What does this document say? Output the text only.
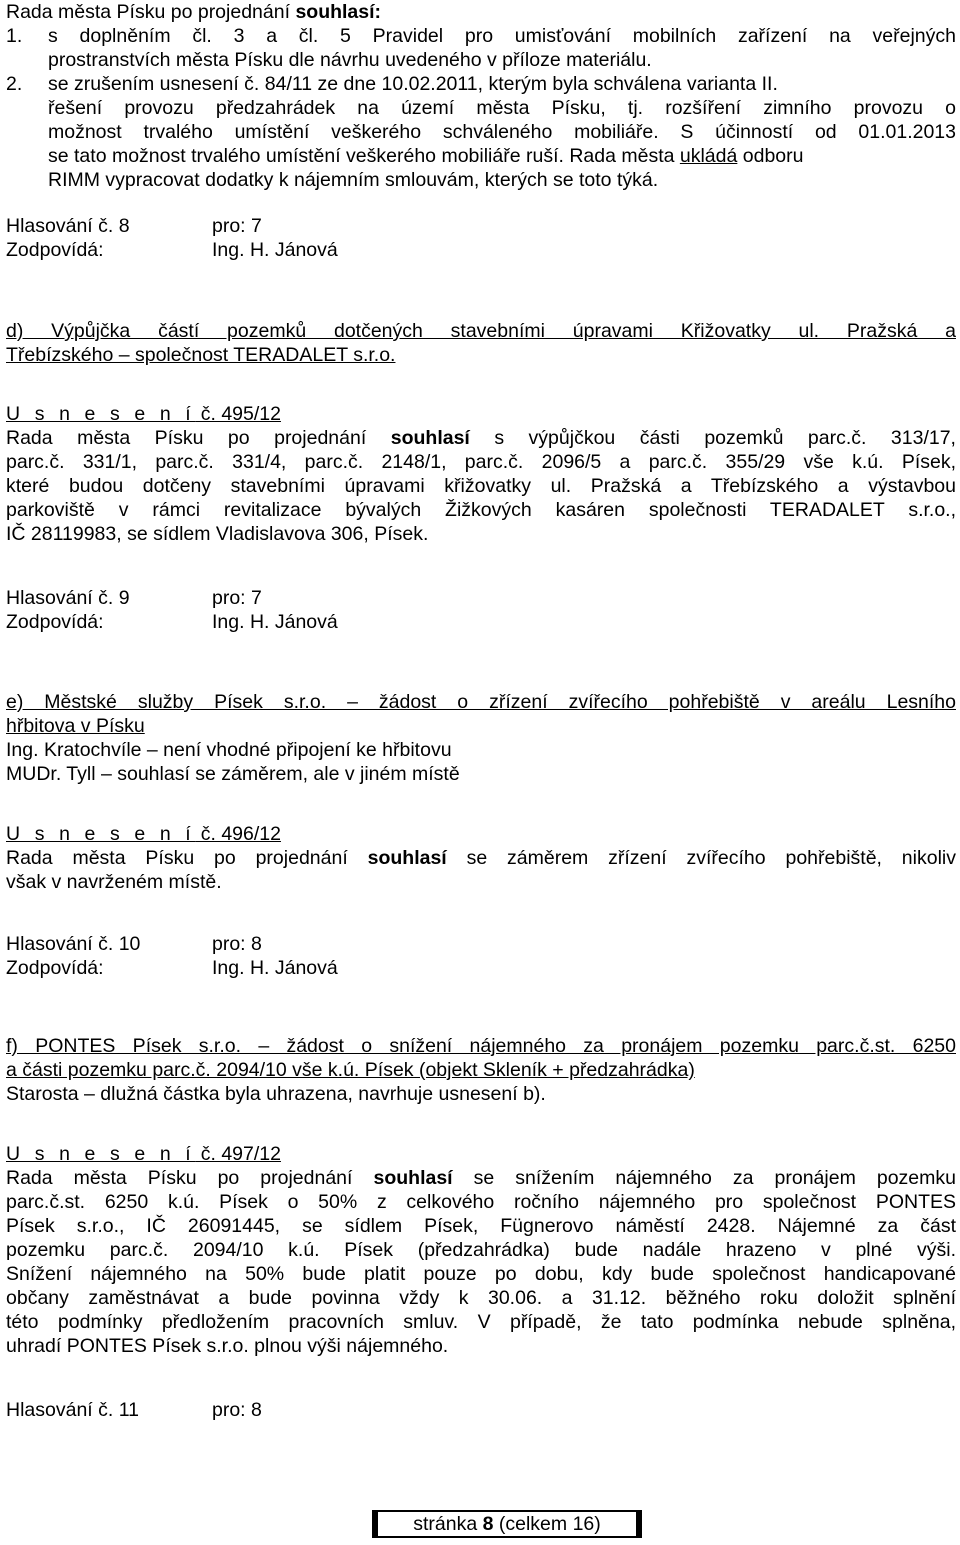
Rada města Písku po projednání souhlasí:
1. s doplněním čl. 3 a čl. 5 Pravidel pro umisťování mobilních zařízení na veřejných
prostranstvích města Písku dle návrhu uvedeného v příloze materiálu.
2. se zrušením usnesení č. 84/11 ze dne 10.02.2011, kterým byla schválena varianta II.
řešení provozu předzahrádek na území města Písku, tj. rozšíření zimního provozu o
možnost trvalého umístění veškerého schváleného mobiliáře. S účinností od 01.01.2013
se tato možnost trvalého umístění veškerého mobiliáře ruší. Rada města ukládá odboru
RIMM vypracovat dodatky k nájemním smlouvám, kterých se toto týká.
Hlasování č. 8	pro: 7
Zodpovídá:	Ing. H. Jánová
d) Výpůjčka částí pozemků dotčených stavebními úpravami Křižovatky ul. Pražská a
Třebízského – společnost TERADALET s.r.o.
U s n e s e n í č. 495/12
Rada města Písku po projednání souhlasí s výpůjčkou části pozemků parc.č. 313/17,
parc.č. 331/1, parc.č. 331/4, parc.č. 2148/1, parc.č. 2096/5 a parc.č. 355/29 vše k.ú. Písek,
které budou dotčeny stavebními úpravami křižovatky ul. Pražská a Třebízského a výstavbou
parkoviště v rámci revitalizace bývalých Žižkových kasáren společnosti TERADALET s.r.o.,
IČ 28119983, se sídlem Vladislavova 306, Písek.
Hlasování č. 9	pro: 7
Zodpovídá:	Ing. H. Jánová
e) Městské služby Písek s.r.o. – žádost o zřízení zvířecího pohřebiště v areálu Lesního
hřbitova v Písku
Ing. Kratochvíle – není vhodné připojení ke hřbitovu
MUDr. Tyll – souhlasí se záměrem, ale v jiném místě
U s n e s e n í č. 496/12
Rada města Písku po projednání souhlasí se záměrem zřízení zvířecího pohřebiště, nikoliv
však v navrženém místě.
Hlasování č. 10	pro: 8
Zodpovídá:	Ing. H. Jánová
f) PONTES Písek s.r.o. – žádost o snížení nájemného za pronájem pozemku parc.č.st. 6250
a části pozemku parc.č. 2094/10 vše k.ú. Písek (objekt Skleník + předzahrádka)
Starosta – dlužná částka byla uhrazena, navrhuje usnesení b).
U s n e s e n í č. 497/12
Rada města Písku po projednání souhlasí se snížením nájemného za pronájem pozemku
parc.č.st. 6250 k.ú. Písek o 50% z celkového ročního nájemného pro společnost PONTES
Písek s.r.o., IČ 26091445, se sídlem Písek, Fügnerovo náměstí 2428. Nájemné za část
pozemku parc.č. 2094/10 k.ú. Písek (předzahrádka) bude nadále hrazeno v plné výši.
Snížení nájemného na 50% bude platit pouze po dobu, kdy bude společnost handicapované
občany zaměstnávat a bude povinna vždy k 30.06. a 31.12. běžného roku doložit splnění
této podmínky předložením pracovních smluv. V případě, že tato podmínka nebude splněna,
uhradí PONTES Písek s.r.o. plnou výši nájemného.
Hlasování č. 11	pro: 8
stránka 8 (celkem 16)
